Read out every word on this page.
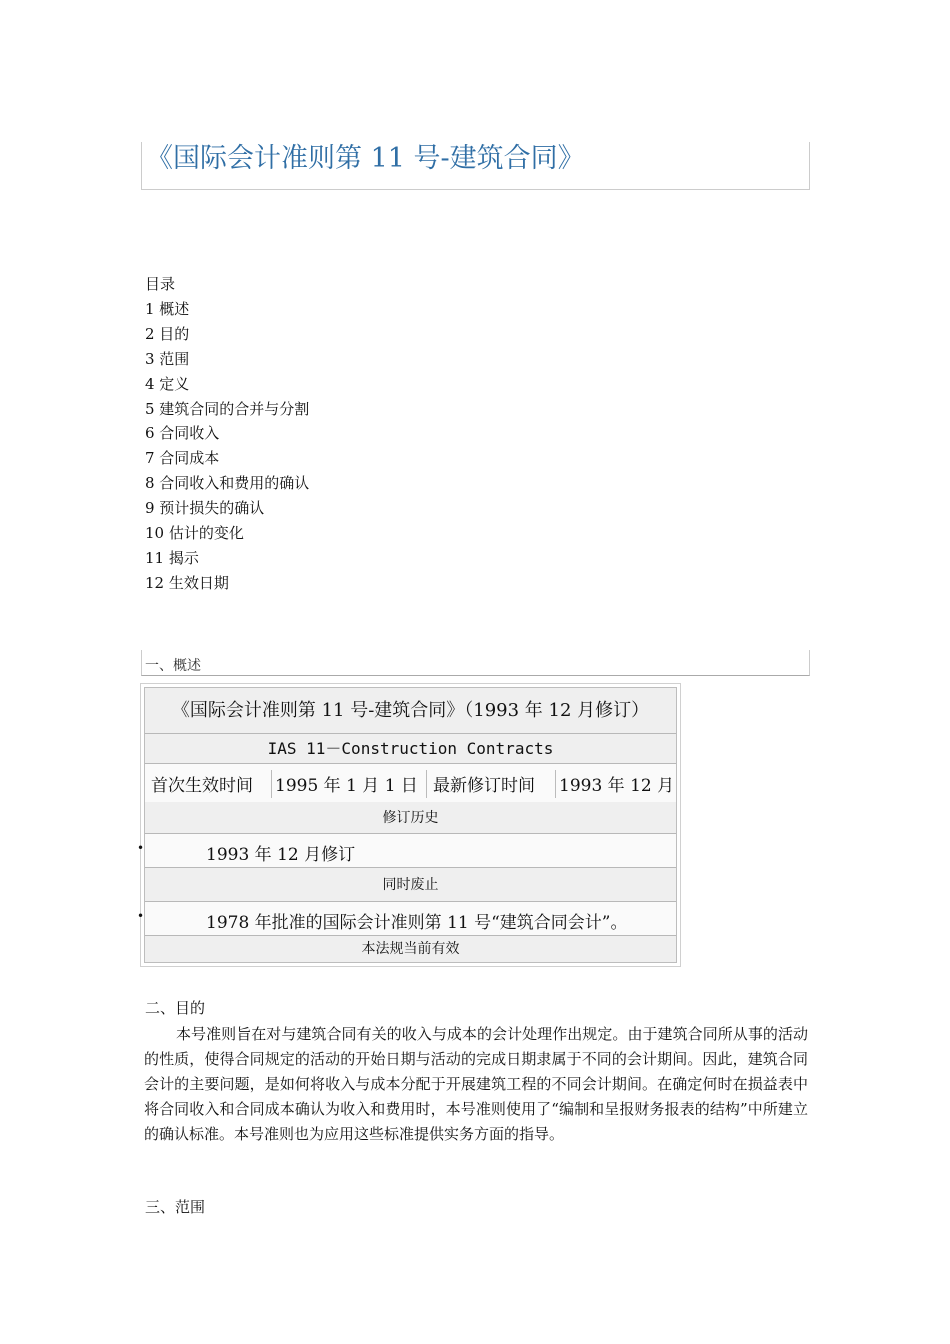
《国际会计准则第 11 号-建筑合同》
目录
1 概述
2 目的
3 范围
4 定义
5 建筑合同的合并与分割
6 合同收入
7 合同成本
8 合同收入和费用的确认
9 预计损失的确认
10 估计的变化
11 揭示
12 生效日期
一、概述
《国际会计准则第 11 号-建筑合同》（1993 年 12 月修订）
IAS 11－Construction Contracts
首次生效时间 1995 年 1 月 1 日 最新修订时间 1993 年 12 月
修订历史
1993 年 12 月修订
同时废止
1978 年批准的国际会计准则第 11 号“建筑合同会计”。
本法规当前有效
•
•
二、目的

本号准则旨在对与建筑合同有关的收入与成本的会计处理作出规定。由于建筑合同所从事的活动的性质，使得合同规定的活动的开始日期与活动的完成日期隶属于不同的会计期间。因此，建筑合同会计的主要问题，是如何将收入与成本分配于开展建筑工程的不同会计期间。在确定何时在损益表中将合同收入和合同成本确认为收入和费用时，本号准则使用了“编制和呈报财务报表的结构”中所建立的确认标准。本号准则也为应用这些标准提供实务方面的指导。

三、范围
